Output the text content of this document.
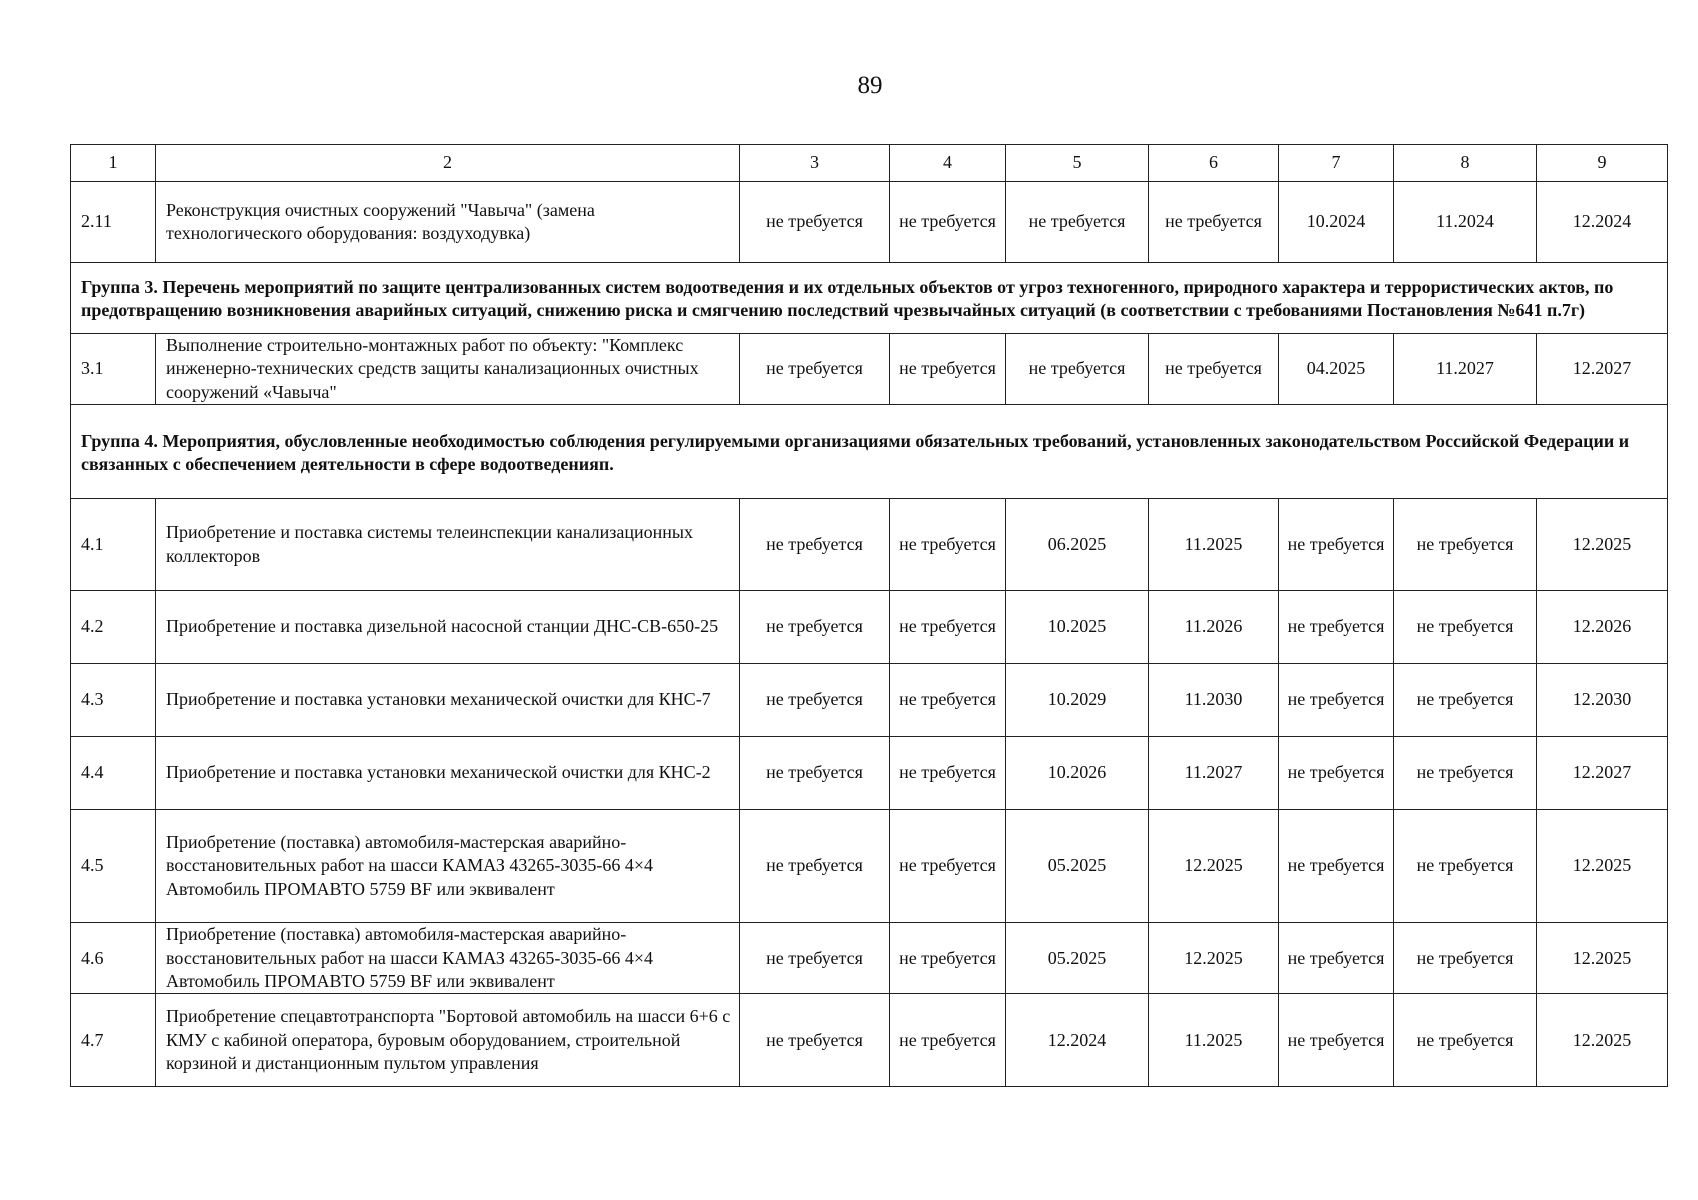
89
1	2	3	4	5	6	7	8	9
2.11	Реконструкция очистных сооружений "Чавыча" (замена технологического оборудования: воздуходувка)	не требуется	не требуется	не требуется	не требуется	10.2024	11.2024	12.2024
Группа 3. Перечень мероприятий по защите централизованных систем водоотведения и их отдельных объектов от угроз техногенного, природного характера и террористических актов, по предотвращению возникновения аварийных ситуаций, снижению риска и смягчению последствий чрезвычайных ситуаций (в соответствии с требованиями Постановления №641 п.7г)								
3.1	Выполнение строительно-монтажных работ по объекту: "Комплекс инженерно-технических средств защиты канализационных очистных сооружений «Чавыча"	не требуется	не требуется	не требуется	не требуется	04.2025	11.2027	12.2027
Группа 4. Мероприятия, обусловленные необходимостью соблюдения регулируемыми организациями обязательных требований, установленных законодательством Российской Федерации и связанных с обеспечением деятельности в сфере водоотведенияп.								
4.1	Приобретение и поставка системы телеинспекции канализационных коллекторов	не требуется	не требуется	06.2025	11.2025	не требуется	не требуется	12.2025
4.2	Приобретение и поставка дизельной насосной станции ДНС-СВ-650-25	не требуется	не требуется	10.2025	11.2026	не требуется	не требуется	12.2026
4.3	Приобретение и поставка установки механической очистки для КНС-7	не требуется	не требуется	10.2029	11.2030	не требуется	не требуется	12.2030
4.4	Приобретение и поставка установки механической очистки для КНС-2	не требуется	не требуется	10.2026	11.2027	не требуется	не требуется	12.2027
4.5	Приобретение (поставка) автомобиля-мастерская аварийно-восстановительных работ на шасси КАМАЗ 43265-3035-66 4×4 Автомобиль ПРОМАВТО 5759 BF или эквивалент	не требуется	не требуется	05.2025	12.2025	не требуется	не требуется	12.2025
4.6	Приобретение (поставка) автомобиля-мастерская аварийно-восстановительных работ на шасси КАМАЗ 43265-3035-66 4×4 Автомобиль ПРОМАВТО 5759 BF или эквивалент	не требуется	не требуется	05.2025	12.2025	не требуется	не требуется	12.2025
4.7	Приобретение спецавтотранспорта "Бортовой автомобиль на шасси 6+6 с КМУ с кабиной оператора, буровым оборудованием, строительной корзиной и дистанционным пультом управления	не требуется	не требуется	12.2024	11.2025	не требуется	не требуется	12.2025
